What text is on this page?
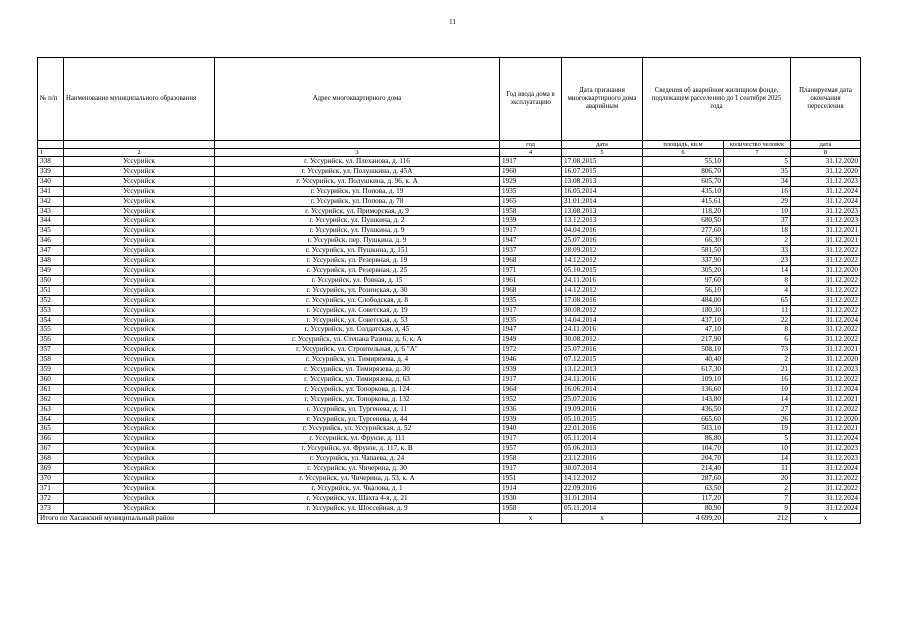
11
№ п/п	Наименование муниципального образования	Адрес многоквартирного дома	Год ввода дома в эксплуатацию	Дата признания многоквартирного дома аварийным	Сведения об аварийном жилищном фонде, подлежащем расселению до 1 сентября 2025 года		Планируемая дата окончания переселения
			год	дата	площадь, кв.м	количество человек	дата
1	2	3	4	5	6	7	8
338	Уссурийск	г. Уссурийск, ул. Плеханова, д. 116	1917	17.08.2015	55,10	5	31.12.2020
339	Уссурийск	г. Уссурийск, ул. Полушкина, д. 45А	1960	16.07.2015	806,70	35	31.12.2020
340	Уссурийск	г. Уссурийск, ул. Полушкина, д. 96, к. А	1929	13.08.2013	605,70	34	31.12.2023
341	Уссурийск	г. Уссурийск, ул. Попова, д. 19	1935	16.05.2014	435,10	16	31.12.2024
342	Уссурийск	г. Уссурийск, ул. Попова, д. 78	1965	31.01.2014	415,61	29	31.12.2024
343	Уссурийск	г. Уссурийск, ул. Приморская, д. 9	1958	13.08.2013	118,20	10	31.12.2023
344	Уссурийск	г. Уссурийск, ул. Пушкина, д. 2	1939	13.12.2013	680,50	37	31.12.2023
345	Уссурийск	г. Уссурийск, ул. Пушкина, д. 9	1917	04.04.2016	277,60	18	31.12.2021
346	Уссурийск	г. Уссурийск, пер. Пушкина, д. 9	1947	25.07.2016	66,30	2	31.12.2021
347	Уссурийск	г. Уссурийск, ул. Пушкина, д. 151	1937	28.09.2012	581,50	33	31.12.2022
348	Уссурийск	г. Уссурийск, ул. Резервная, д. 19	1968	14.12.2012	337,90	23	31.12.2022
349	Уссурийск	г. Уссурийск, ул. Резервная, д. 25	1971	05.10.2015	305,20	14	31.12.2020
350	Уссурийск	г. Уссурийск, ул. Ровная, д. 15	1961	24.11.2016	97,60	8	31.12.2022
351	Уссурийск	г. Уссурийск, ул. Розинская, д. 30	1968	14.12.2012	56,10	4	31.12.2022
352	Уссурийск	г. Уссурийск, ул. Слободская, д. 8	1935	17.08.2016	484,00	65	31.12.2022
353	Уссурийск	г. Уссурийск, ул. Советская, д. 19	1917	30.08.2012	180,30	11	31.12.2022
354	Уссурийск	г. Уссурийск, ул. Советская, д. 53	1935	14.04.2014	437,10	22	31.12.2024
355	Уссурийск	г. Уссурийск, ул. Солдатская, д. 45	1947	24.11.2016	47,10	8	31.12.2022
356	Уссурийск	г. Уссурийск, ул. Степана Разина, д. 6, к. А	1949	30.08.2012	217,90	6	31.12.2022
357	Уссурийск	г. Уссурийск, ул. Строительная, д. 6 "А"	1972	25.07.2016	508,10	73	31.12.2021
358	Уссурийск	г. Уссурийск, ул. Тимирязева, д. 4	1946	07.12.2015	40,40	2	31.12.2020
359	Уссурийск	г. Уссурийск, ул. Тимирязева, д. 30	1939	13.12.2013	617,30	21	31.12.2023
360	Уссурийск	г. Уссурийск, ул. Тимирязева, д. 63	1917	24.11.2016	109,10	16	31.12.2022
361	Уссурийск	г. Уссурийск, ул. Топоркова, д. 124	1964	16.06.2014	136,60	10	31.12.2024
362	Уссурийск	г. Уссурийск, ул. Топоркова, д. 132	1952	25.07.2016	143,80	14	31.12.2021
363	Уссурийск	г. Уссурийск, ул. Тургенева, д. 11	1936	19.09.2016	436,50	27	31.12.2022
364	Уссурийск	г. Уссурийск, ул. Тургенева, д. 44	1939	05.10.2015	665,60	26	31.12.2020
365	Уссурийск	г. Уссурийск, ул. Уссурийская, д. 52	1940	22.01.2016	503,10	19	31.12.2021
366	Уссурийск	г. Уссурийск, ул. Фрунзе, д. 111	1917	05.11.2014	86,80	5	31.12.2024
367	Уссурийск	г. Уссурийск, ул. Фрунзе, д. 117, к. В	1957	05.06.2013	104,70	10	31.12.2023
368	Уссурийск	г. Уссурийск, ул. Чапаева, д. 24	1958	23.12.2016	204,70	14	31.12.2023
369	Уссурийск	г. Уссурийск, ул. Чичерина, д. 30	1917	30.07.2014	214,40	11	31.12.2024
370	Уссурийск	г. Уссурийск, ул. Чичерина, д. 53, к. А	1951	14.12.2012	287,60	20	31.12.2022
371	Уссурийск	г. Уссурийск, ул. Чкалова, д. 1	1914	22.09.2016	63,50	2	31.12.2022
372	Уссурийск	г. Уссурийск, ул. Шахта 4-я, д. 21	1930	31.01.2014	117,20	7	31.12.2024
373	Уссурийск	г. Уссурийск, ул. Шоссейная, д. 9	1958	05.11.2014	80,90	9	31.12.2024
Итого по Хасанский муниципальный район			х	х	4 699,20	212	х
